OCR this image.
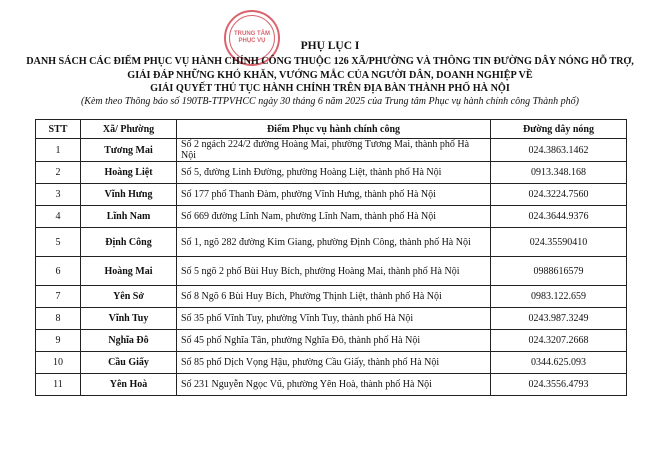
TRUNG TÂM
PHỤC VỤ	PHỤ LỤC I
DANH SÁCH CÁC ĐIỂM PHỤC VỤ HÀNH CHÍNH CÔNG THUỘC 126 XÃ/PHƯỜNG VÀ THÔNG TIN ĐƯỜNG DÂY NÓNG HỖ TRỢ,
GIẢI ĐÁP NHỮNG KHÓ KHĂN, VƯỚNG MẮC CỦA NGƯỜI DÂN, DOANH NGHIỆP VỀ
GIẢI QUYẾT THỦ TỤC HÀNH CHÍNH TRÊN ĐỊA BÀN THÀNH PHỐ HÀ NỘI
(Kèm theo Thông báo số 190TB-TTPVHCC ngày 30 tháng 6 năm 2025 của Trung tâm Phục vụ hành chính công Thành phố)
STT	Xã/ Phường	Điểm Phục vụ hành chính công	Đường dây nóng
1	Tương Mai	Số 2 ngách 224/2 đường Hoàng Mai, phường Tương Mai, thành phố Hà Nội	024.3863.1462
2	Hoàng Liệt	Số 5, đường Linh Đường, phường Hoàng Liệt, thành phố Hà Nội	0913.348.168
3	Vĩnh Hưng	Số 177 phố Thanh Đàm, phường Vĩnh Hưng, thành phố Hà Nội	024.3224.7560
4	Lĩnh Nam	Số 669 đường Lĩnh Nam, phường Lĩnh Nam, thành phố Hà Nội	024.3644.9376
5	Định Công	Số 1, ngõ 282 đường Kim Giang, phường Định Công, thành phố Hà Nội	024.35590410
6	Hoàng Mai	Số 5 ngõ 2 phố Bùi Huy Bích, phường Hoàng Mai, thành phố Hà Nội	0988616579
7	Yên Sở	Số 8 Ngõ 6 Bùi Huy Bích, Phường Thịnh Liệt, thành phố Hà Nội	0983.122.659
8	Vĩnh Tuy	Số 35 phố Vĩnh Tuy, phường Vĩnh Tuy, thành phố Hà Nội	0243.987.3249
9	Nghĩa Đô	Số 45 phố Nghĩa Tân, phường Nghĩa Đô, thành phố Hà Nội	024.3207.2668
10	Cầu Giấy	Số 85 phố Dịch Vọng Hậu, phường Cầu Giấy, thành phố Hà Nội	0344.625.093
11	Yên Hoà	Số 231 Nguyễn Ngọc Vũ, phường Yên Hoà, thành phố Hà Nội	024.3556.4793
